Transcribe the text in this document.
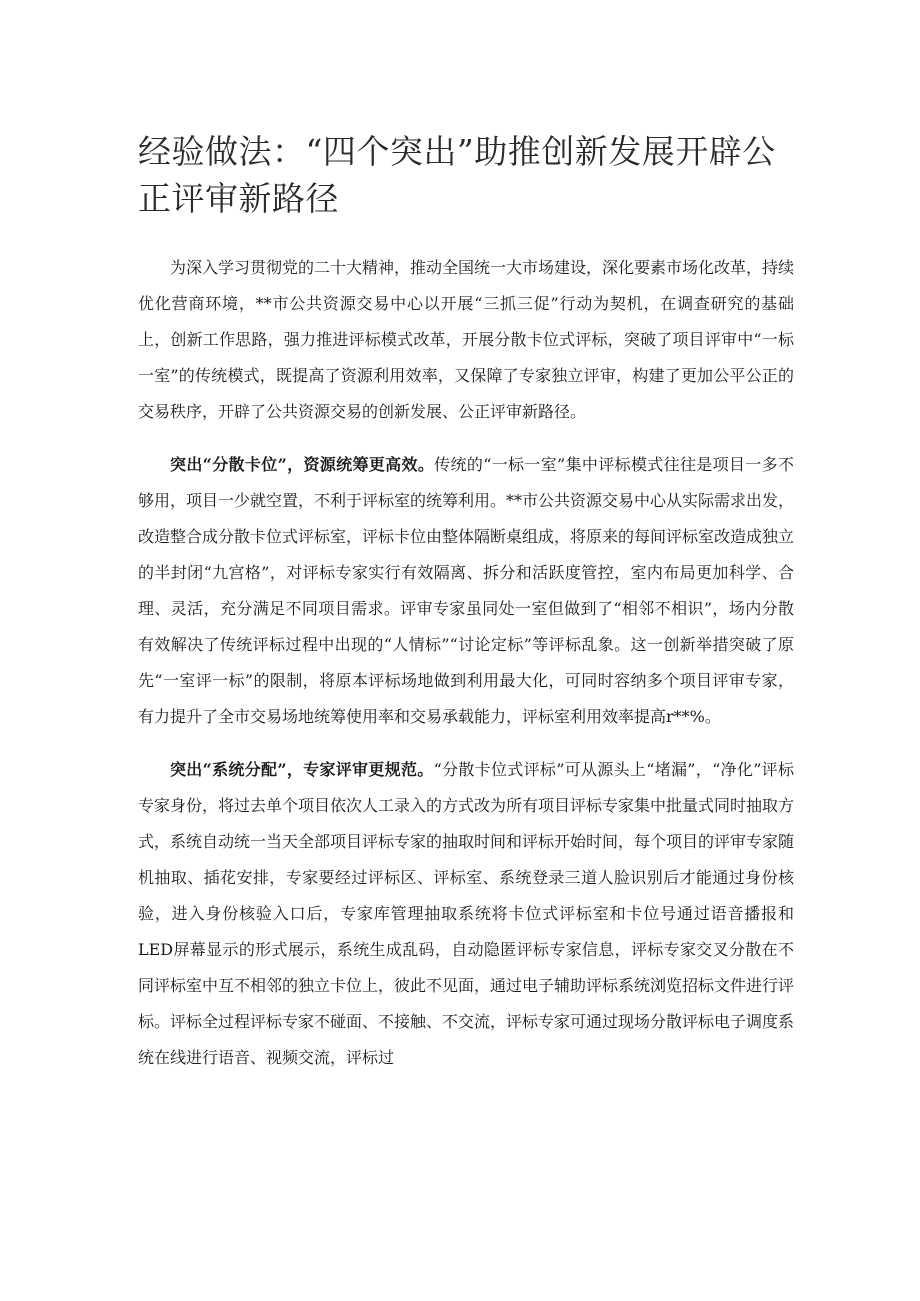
经验做法：“四个突出”助推创新发展开辟公正评审新路径

为深入学习贯彻党的二十大精神，推动全国统一大市场建设，深化要素市场化改革，持续优化营商环境，**市公共资源交易中心以开展“三抓三促”行动为契机，在调查研究的基础上，创新工作思路，强力推进评标模式改革，开展分散卡位式评标，突破了项目评审中“一标一室”的传统模式，既提高了资源利用效率，又保障了专家独立评审，构建了更加公平公正的交易秩序，开辟了公共资源交易的创新发展、公正评审新路径。

突出“分散卡位”，资源统筹更高效。传统的“一标一室”集中评标模式往往是项目一多不够用，项目一少就空置，不利于评标室的统筹利用。**市公共资源交易中心从实际需求出发，改造整合成分散卡位式评标室，评标卡位由整体隔断桌组成，将原来的每间评标室改造成独立的半封闭“九宫格”，对评标专家实行有效隔离、拆分和活跃度管控，室内布局更加科学、合理、灵活，充分满足不同项目需求。评审专家虽同处一室但做到了“相邻不相识”，场内分散有效解决了传统评标过程中出现的“人情标”“讨论定标”等评标乱象。这一创新举措突破了原先“一室评一标”的限制，将原本评标场地做到利用最大化，可同时容纳多个项目评审专家，有力提升了全市交易场地统筹使用率和交易承载能力，评标室利用效率提高r**%。

突出“系统分配”，专家评审更规范。“分散卡位式评标”可从源头上“堵漏”，“净化”评标专家身份，将过去单个项目依次人工录入的方式改为所有项目评标专家集中批量式同时抽取方式，系统自动统一当天全部项目评标专家的抽取时间和评标开始时间，每个项目的评审专家随机抽取、插花安排，专家要经过评标区、评标室、系统登录三道人脸识别后才能通过身份核验，进入身份核验入口后，专家库管理抽取系统将卡位式评标室和卡位号通过语音播报和LED屏幕显示的形式展示，系统生成乱码，自动隐匿评标专家信息，评标专家交叉分散在不同评标室中互不相邻的独立卡位上，彼此不见面，通过电子辅助评标系统浏览招标文件进行评标。评标全过程评标专家不碰面、不接触、不交流，评标专家可通过现场分散评标电子调度系统在线进行语音、视频交流，评标过
